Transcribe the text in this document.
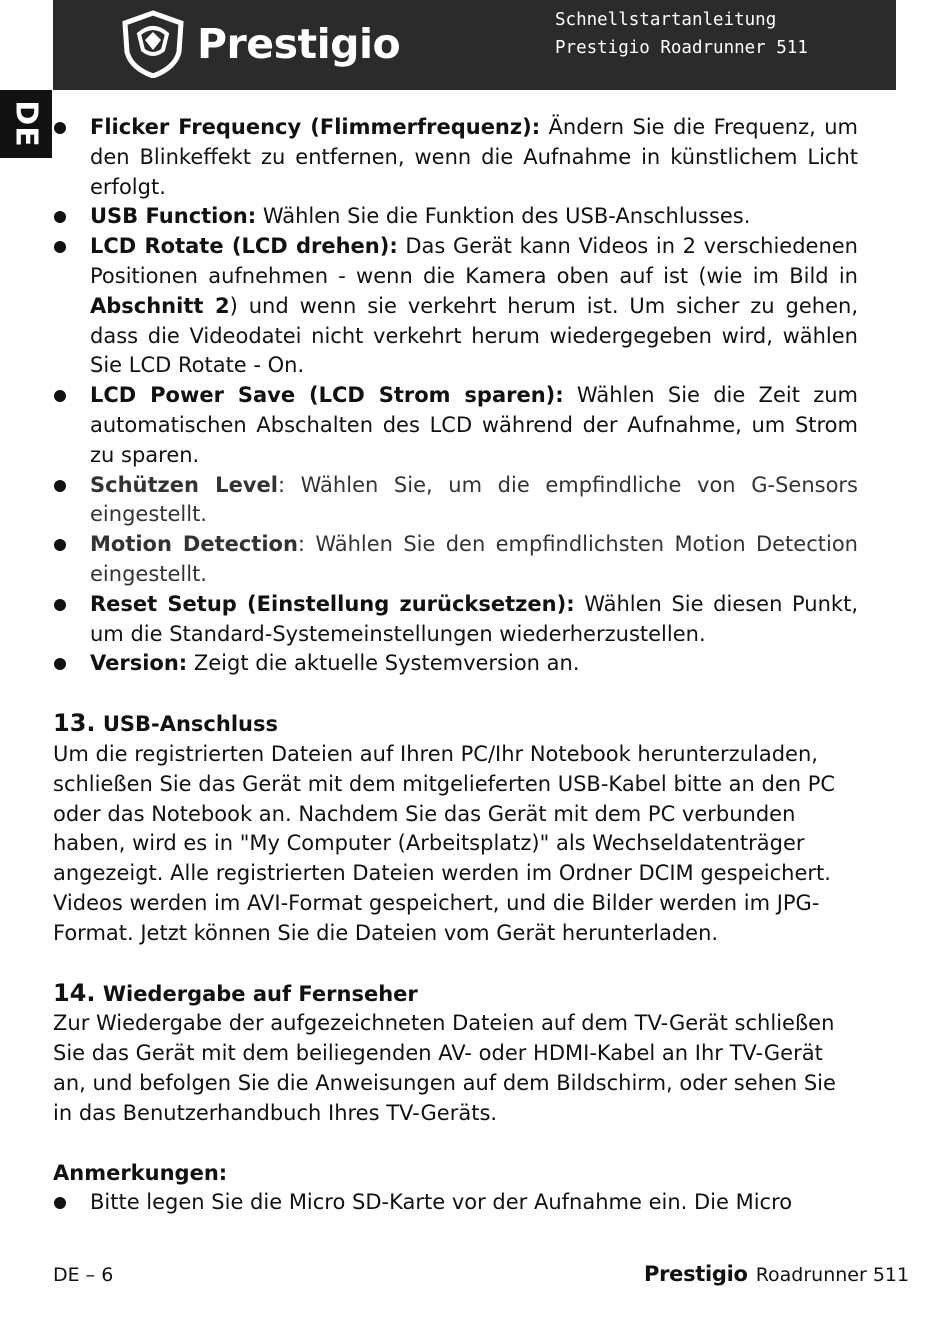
Prestigio	Schnellstartanleitung
Prestigio Roadrunner 511
DE Flicker Frequency (Flimmerfrequenz): Ändern Sie die Frequenz, um den Blinkeffekt zu entfernen, wenn die Aufnahme in künstlichem Licht erfolgt.
USB Function: Wählen Sie die Funktion des USB-Anschlusses.
LCD Rotate (LCD drehen): Das Gerät kann Videos in 2 verschiedenen Positionen aufnehmen - wenn die Kamera oben auf ist (wie im Bild in Abschnitt 2) und wenn sie verkehrt herum ist. Um sicher zu gehen, dass die Videodatei nicht verkehrt herum wiedergegeben wird, wählen Sie LCD Rotate - On.
LCD Power Save (LCD Strom sparen): Wählen Sie die Zeit zum automatischen Abschalten des LCD während der Aufnahme, um Strom zu sparen.
Schützen Level: Wählen Sie, um die empfindliche von G-Sensors eingestellt.
Motion Detection: Wählen Sie den empfindlichsten Motion Detection eingestellt.
Reset Setup (Einstellung zurücksetzen): Wählen Sie diesen Punkt, um die Standard-Systemeinstellungen wiederherzustellen.
Version: Zeigt die aktuelle Systemversion an.
13. USB-Anschluss

Um die registrierten Dateien auf Ihren PC/Ihr Notebook herunterzuladen, schließen Sie das Gerät mit dem mitgelieferten USB-Kabel bitte an den PC oder das Notebook an. Nachdem Sie das Gerät mit dem PC verbunden haben, wird es in "My Computer (Arbeitsplatz)" als Wechseldatenträger angezeigt. Alle registrierten Dateien werden im Ordner DCIM gespeichert. Videos werden im AVI-Format gespeichert, und die Bilder werden im JPG-Format. Jetzt können Sie die Dateien vom Gerät herunterladen.

14. Wiedergabe auf Fernseher

Zur Wiedergabe der aufgezeichneten Dateien auf dem TV-Gerät schließen Sie das Gerät mit dem beiliegenden AV- oder HDMI-Kabel an Ihr TV-Gerät an, und befolgen Sie die Anweisungen auf dem Bildschirm, oder sehen Sie in das Benutzerhandbuch Ihres TV-Geräts.

Anmerkungen:
Bitte legen Sie die Micro SD-Karte vor der Aufnahme ein. Die Micro
DE – 6	Prestigio Roadrunner 511
